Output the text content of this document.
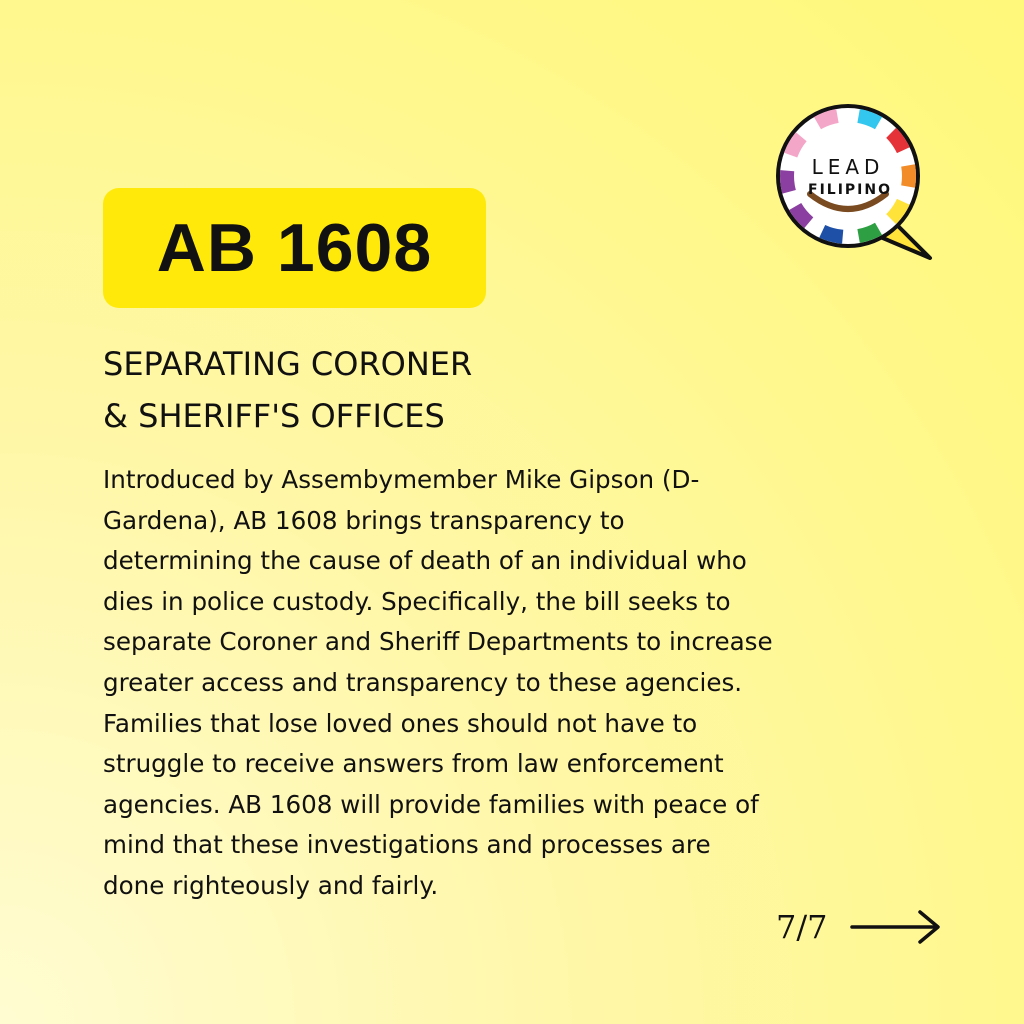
AB 1608
SEPARATING CORONER
& SHERIFF'S OFFICES
Introduced by Assembymember Mike Gipson (D-
Gardena), AB 1608 brings transparency to
determining the cause of death of an individual who
dies in police custody. Specifically, the bill seeks to
separate Coroner and Sheriff Departments to increase
greater access and transparency to these agencies.
Families that lose loved ones should not have to
struggle to receive answers from law enforcement
agencies. AB 1608 will provide families with peace of
mind that these investigations and processes are
done righteously and fairly.
7/7
LEAD
FILIPINO
